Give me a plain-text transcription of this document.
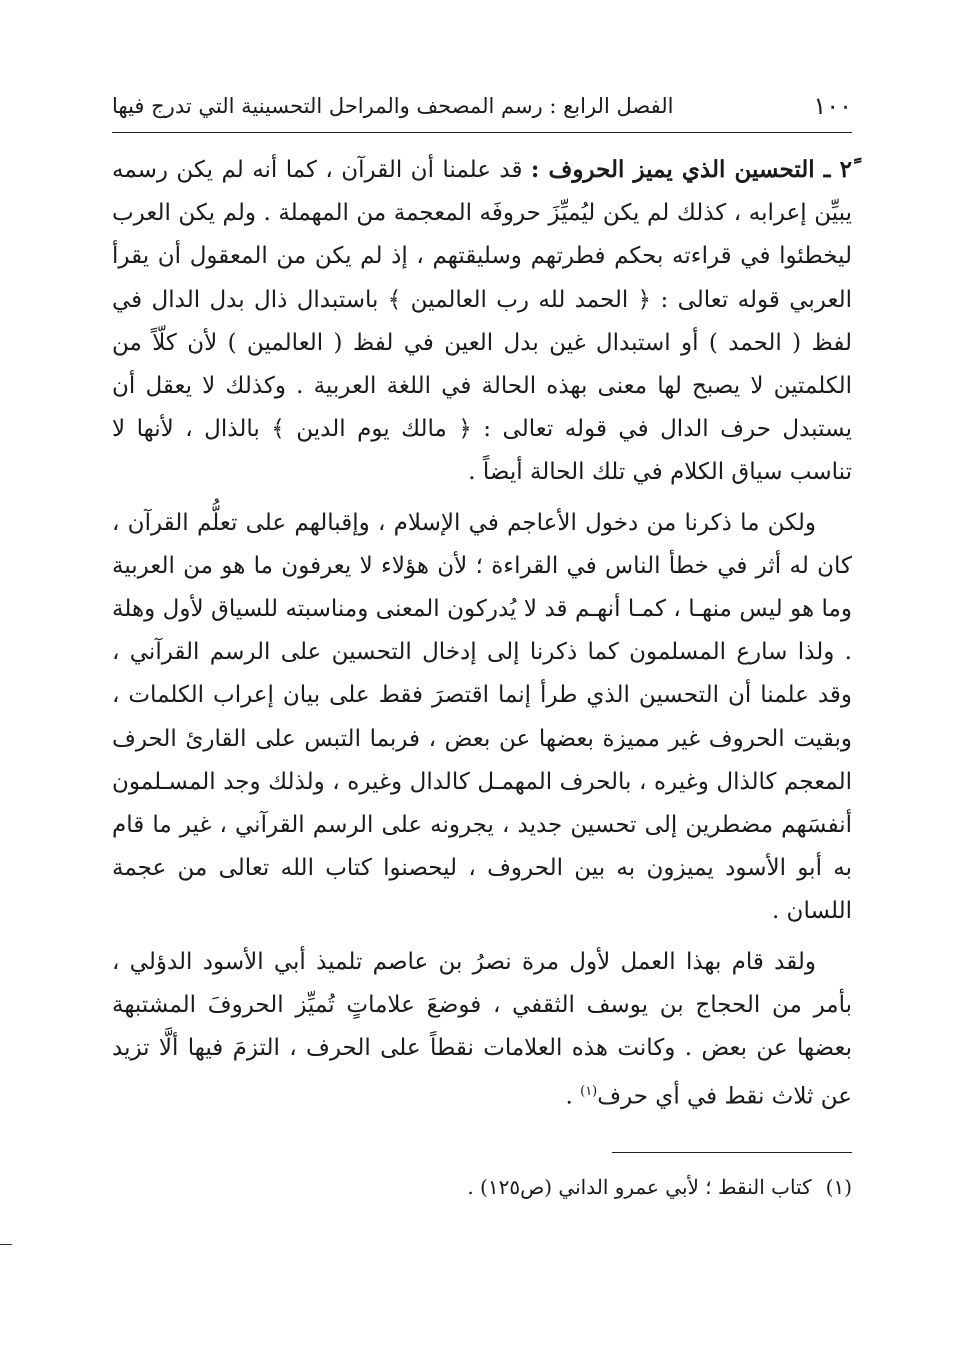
١٠٠
الفصل الرابع : رسم المصحف والمراحل التحسينية التي تدرج فيها

٢ً ـ التحسين الذي يميز الحروف : قد علمنا أن القرآن ، كما أنه لم يكن رسمه يبيِّن إعرابه ، كذلك لم يكن ليُميِّزَ حروفَه المعجمة من المهملة . ولم يكن العرب ليخطئوا في قراءته بحكم فطرتهم وسليقتهم ، إذ لم يكن من المعقول أن يقرأ العربي قوله تعالى : ﴿ الحمد لله رب العالمين ﴾ باستبدال ذال بدل الدال في لفظ ( الحمد ) أو استبدال غين بدل العين في لفظ ( العالمين ) لأن كلّاً من الكلمتين لا يصبح لها معنى بهذه الحالة في اللغة العربية . وكذلك لا يعقل أن يستبدل حرف الدال في قوله تعالى : ﴿ مالك يوم الدين ﴾ بالذال ، لأنها لا تناسب سياق الكلام في تلك الحالة أيضاً .

ولكن ما ذكرنا من دخول الأعاجم في الإسلام ، وإقبالهم على تعلُّم القرآن ، كان له أثر في خطأ الناس في القراءة ؛ لأن هؤلاء لا يعرفون ما هو من العربية وما هو ليس منهـا ، كمـا أنهـم قد لا يُدركون المعنى ومناسبته للسياق لأول وهلة . ولذا سارع المسلمون كما ذكرنا إلى إدخال التحسين على الرسم القرآني ، وقد علمنا أن التحسين الذي طرأ إنما اقتصرَ فقط على بيان إعراب الكلمات ، وبقيت الحروف غير مميزة بعضها عن بعض ، فربما التبس على القارئ الحرف المعجم كالذال وغيره ، بالحرف المهمـل كالدال وغيره ، ولذلك وجد المسـلمون أنفسَهم مضطرين إلى تحسين جديد ، يجرونه على الرسم القرآني ، غير ما قام به أبو الأسود يميزون به بين الحروف ، ليحصنوا كتاب الله تعالى من عجمة اللسان .

ولقد قام بهذا العمل لأول مرة نصرُ بن عاصم تلميذ أبي الأسود الدؤلي ، بأمر من الحجاج بن يوسف الثقفي ، فوضعَ علاماتٍ تُميِّز الحروفَ المشتبهة بعضها عن بعض . وكانت هذه العلامات نقطاً على الحرف ، التزمَ فيها ألَّا تزيد عن ثلاث نقط في أي حرف$^{(١)}$ .

(١)كتاب النقط ؛ لأبي عمرو الداني (ص١٢٥) .
